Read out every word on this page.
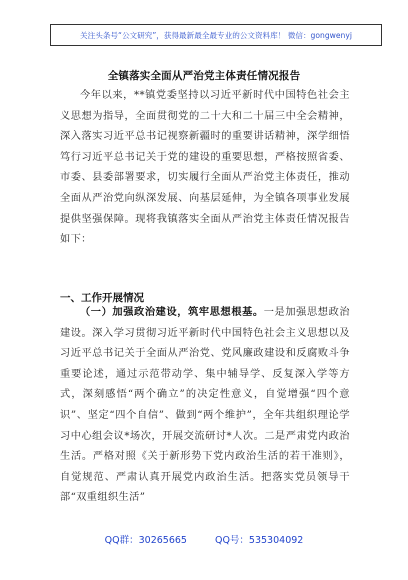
关注头条号“公文研究”，获得最新最全最专业的公文资料库！ 微信：gongwenyj
全镇落实全面从严治党主体责任情况报告
今年以来，**镇党委坚持以习近平新时代中国特色社会主义思想为指导，全面贯彻党的二十大和二十届三中全会精神，深入落实习近平总书记视察新疆时的重要讲话精神，深学细悟笃行习近平总书记关于党的建设的重要思想，严格按照省委、市委、县委部署要求，切实履行全面从严治党主体责任，推动全面从严治党向纵深发展、向基层延伸，为全镇各项事业发展提供坚强保障。现将我镇落实全面从严治党主体责任情况报告如下：
一、工作开展情况
（一）加强政治建设，筑牢思想根基。一是加强思想政治建设。深入学习贯彻习近平新时代中国特色社会主义思想以及习近平总书记关于全面从严治党、党风廉政建设和反腐败斗争重要论述，通过示范带动学、集中辅导学、反复深入学等方式，深刻感悟“两个确立”的决定性意义，自觉增强“四个意识”、坚定“四个自信”、做到“两个维护”，全年共组织理论学习中心组会议*场次，开展交流研讨*人次。二是严肃党内政治生活。严格对照《关于新形势下党内政治生活的若干准则》，自觉规范、严肃认真开展党内政治生活。把落实党员领导干部“双重组织生活”
QQ群：30265665	QQ号：535304092
